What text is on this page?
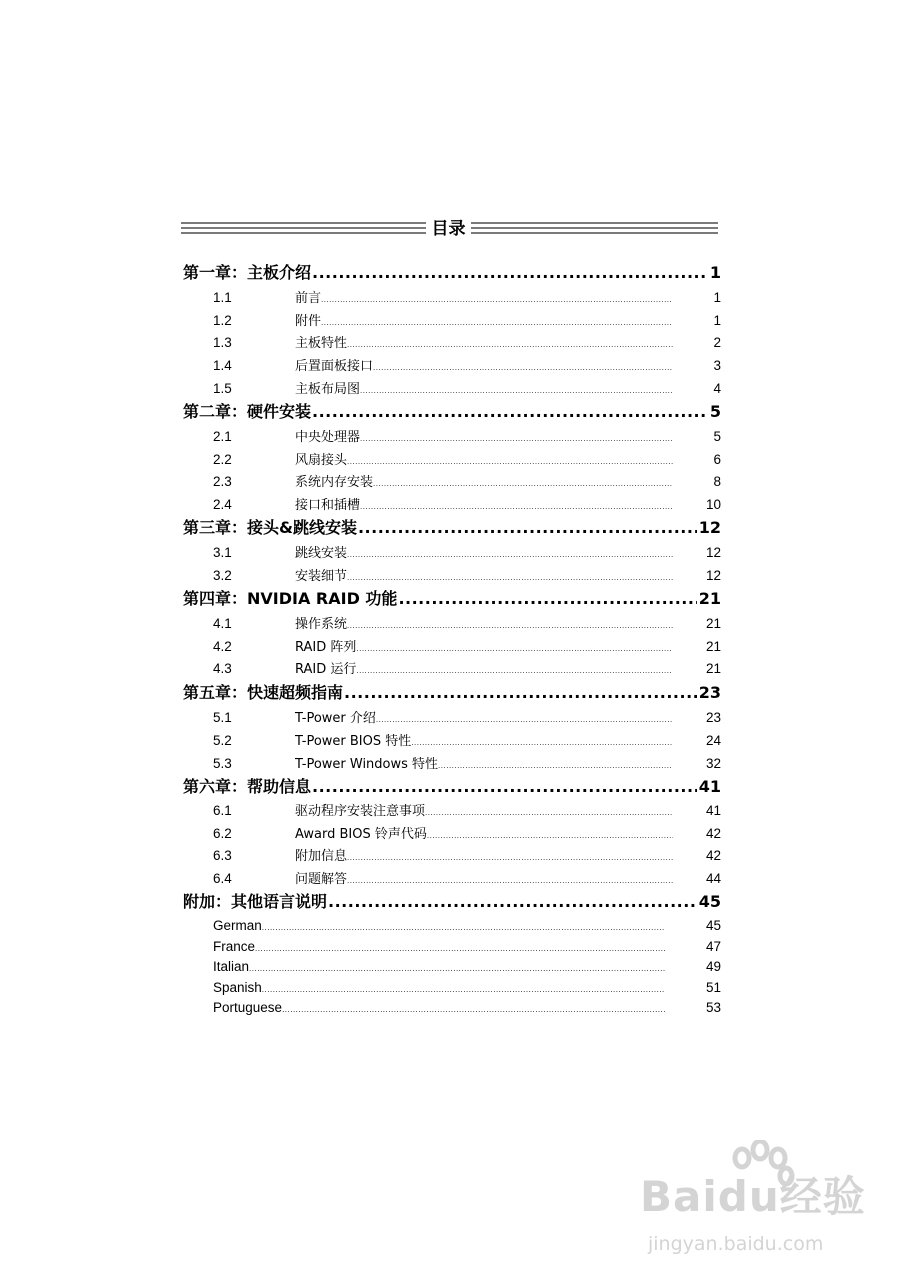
目录
第一章：主板介绍 .....	1
1.1	前言 .....	1
1.2	附件 .....	1
1.3	主板特性 .....	2
1.4	后置面板接口 .....	3
1.5	主板布局图 .....	4
第二章：硬件安装 .....	5
2.1	中央处理器 .....	5
2.2	风扇接头 .....	6
2.3	系统内存安装 .....	8
2.4	接口和插槽 .....	10
第三章：接头&跳线安装 .....	12
3.1	跳线安装 .....	12
3.2	安装细节 .....	12
第四章：NVIDIA RAID 功能 .....	21
4.1	操作系统 .....	21
4.2	RAID 阵列 .....	21
4.3	RAID 运行 .....	21
第五章：快速超频指南 .....	23
5.1	T-Power 介绍 .....	23
5.2	T-Power BIOS 特性 .....	24
5.3	T-Power Windows 特性 .....	32
第六章：帮助信息 .....	41
6.1	驱动程序安装注意事项 .....	41
6.2	Award BIOS 铃声代码 .....	42
6.3	附加信息 .....	42
6.4	问题解答 .....	44
附加：其他语言说明 .....	45
German .....	45
France .....	47
Italian .....	49
Spanish .....	51
Portuguese .....	53
Baidu经验
jingyan.baidu.com
